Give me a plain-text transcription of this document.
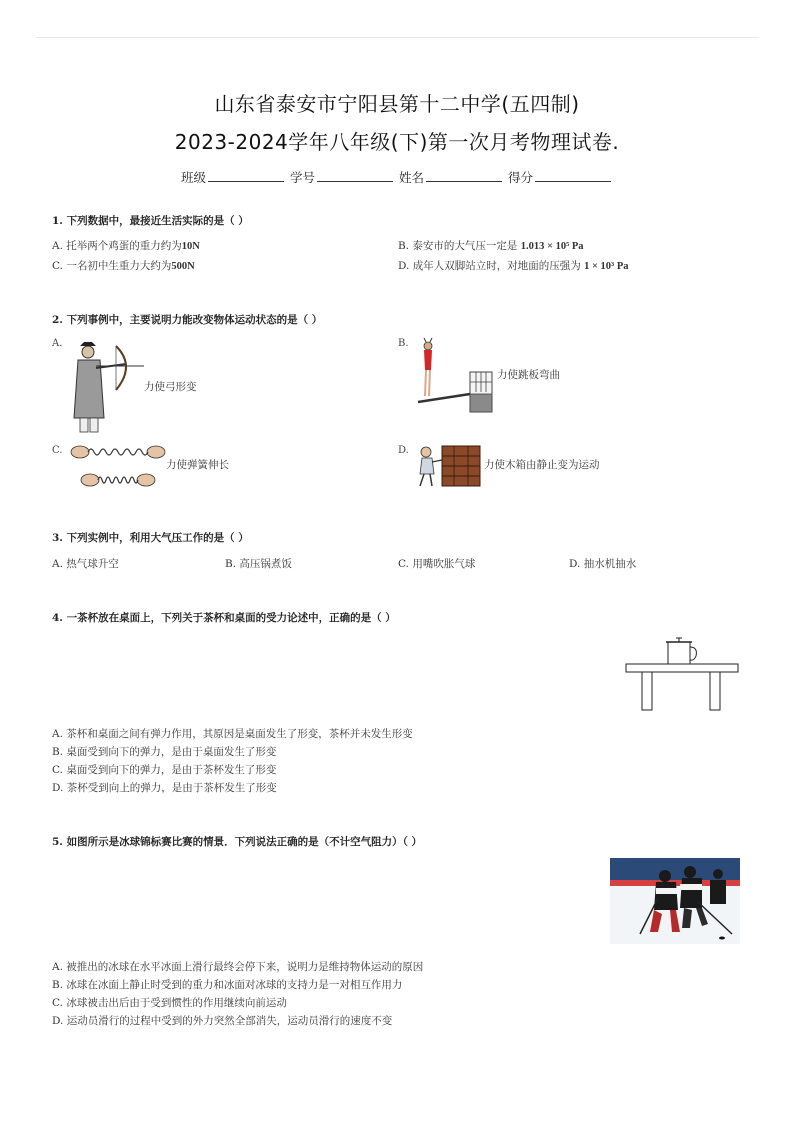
山东省泰安市宁阳县第十二中学(五四制)
2023-2024学年八年级(下)第一次月考物理试卷.
班级	学号	姓名	得分
1. 下列数据中，最接近生活实际的是（ ）
A. 托举两个鸡蛋的重力约为10N	B. 泰安市的大气压一定是 1.013 × 10⁵ Pa
C. 一名初中生重力大约为500N	D. 成年人双脚站立时，对地面的压强为 1 × 10³ Pa
2. 下列事例中，主要说明力能改变物体运动状态的是（ ）
A.
力使弓形变
B.
力使跳板弯曲
C.
力使弹簧伸长
D.
力使木箱由静止变为运动
3. 下列实例中，利用大气压工作的是（ ）
A. 热气球升空	B. 高压锅煮饭	C. 用嘴吹胀气球	D. 抽水机抽水
4. 一茶杯放在桌面上，下列关于茶杯和桌面的受力论述中，正确的是（ ）
A. 茶杯和桌面之间有弹力作用，其原因是桌面发生了形变，茶杯并未发生形变
B. 桌面受到向下的弹力，是由于桌面发生了形变
C. 桌面受到向下的弹力，是由于茶杯发生了形变
D. 茶杯受到向上的弹力，是由于茶杯发生了形变
5. 如图所示是冰球锦标赛比赛的情景．下列说法正确的是（不计空气阻力）（ ）
A. 被推出的冰球在水平冰面上滑行最终会停下来，说明力是维持物体运动的原因
B. 冰球在冰面上静止时受到的重力和冰面对冰球的支持力是一对相互作用力
C. 冰球被击出后由于受到惯性的作用继续向前运动
D. 运动员滑行的过程中受到的外力突然全部消失，运动员滑行的速度不变
